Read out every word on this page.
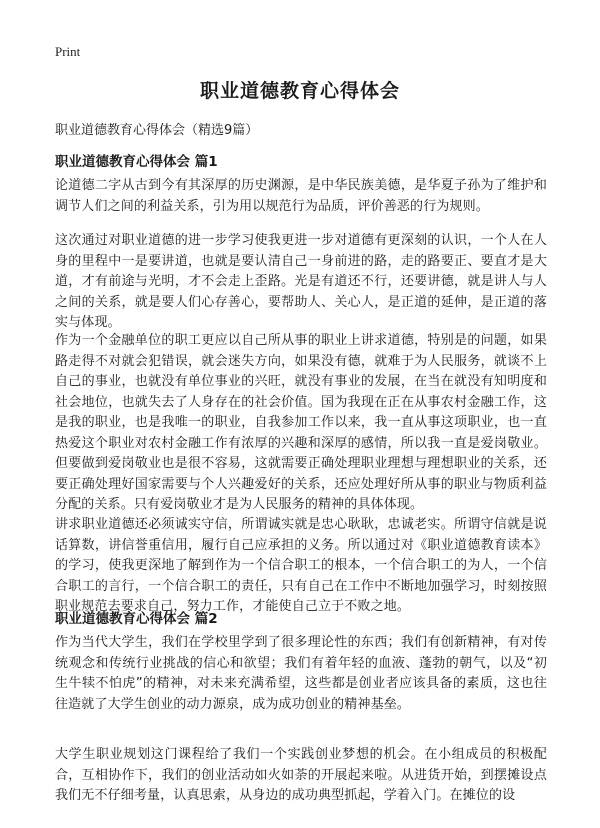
Print
职业道德教育心得体会
职业道德教育心得体会（精选9篇）
职业道德教育心得体会 篇1

论道德二字从古到今有其深厚的历史渊源，是中华民族美德，是华夏子孙为了维护和调节人们之间的利益关系，引为用以规范行为品质，评价善恶的行为规则。

这次通过对职业道德的进一步学习使我更进一步对道德有更深刻的认识，一个人在人身的里程中一是要讲道，也就是要认清自己一身前进的路，走的路要正、要直才是大道，才有前途与光明，才不会走上歪路。光是有道还不行，还要讲德，就是讲人与人之间的关系，就是要人们心存善心，要帮助人、关心人，是正道的延伸，是正道的落实与体现。

作为一个金融单位的职工更应以自己所从事的职业上讲求道德，特别是的问题，如果路走得不对就会犯错误，就会迷失方向，如果没有德，就难于为人民服务，就谈不上自己的事业，也就没有单位事业的兴旺，就没有事业的发展，在当在就没有知明度和社会地位，也就失去了人身存在的社会价值。国为我现在正在从事农村金融工作，这是我的职业，也是我唯一的职业，自我参加工作以来，我一直从事这项职业，也一直热爱这个职业对农村金融工作有浓厚的兴趣和深厚的感情，所以我一直是爱岗敬业。但要做到爱岗敬业也是很不容易，这就需要正确处理职业理想与理想职业的关系，还要正确处理好国家需要与个人兴趣爱好的关系，还应处理好所从事的职业与物质利益分配的关系。只有爱岗敬业才是为人民服务的精神的具体体现。

讲求职业道德还必须诚实守信，所谓诚实就是忠心耿耿，忠诚老实。所谓守信就是说话算数，讲信誉重信用，履行自己应承担的义务。所以通过对《职业道德教育读本》的学习，使我更深地了解到作为一个信合职工的根本，一个信合职工的为人，一个信合职工的言行，一个信合职工的责任，只有自己在工作中不断地加强学习，时刻按照职业规范去要求自己，努力工作，才能使自己立于不败之地。

职业道德教育心得体会 篇2

作为当代大学生，我们在学校里学到了很多理论性的东西；我们有创新精神，有对传统观念和传统行业挑战的信心和欲望；我们有着年轻的血液、蓬勃的朝气，以及“初生牛犊不怕虎”的精神，对未来充满希望，这些都是创业者应该具备的素质，这也往往造就了大学生创业的动力源泉，成为成功创业的精神基垒。

大学生职业规划这门课程给了我们一个实践创业梦想的机会。在小组成员的积极配合，互相协作下，我们的创业活动如火如荼的开展起来啦。从进货开始，到摆摊设点我们无不仔细考量，认真思索，从身边的成功典型抓起，学着入门。在摊位的设
